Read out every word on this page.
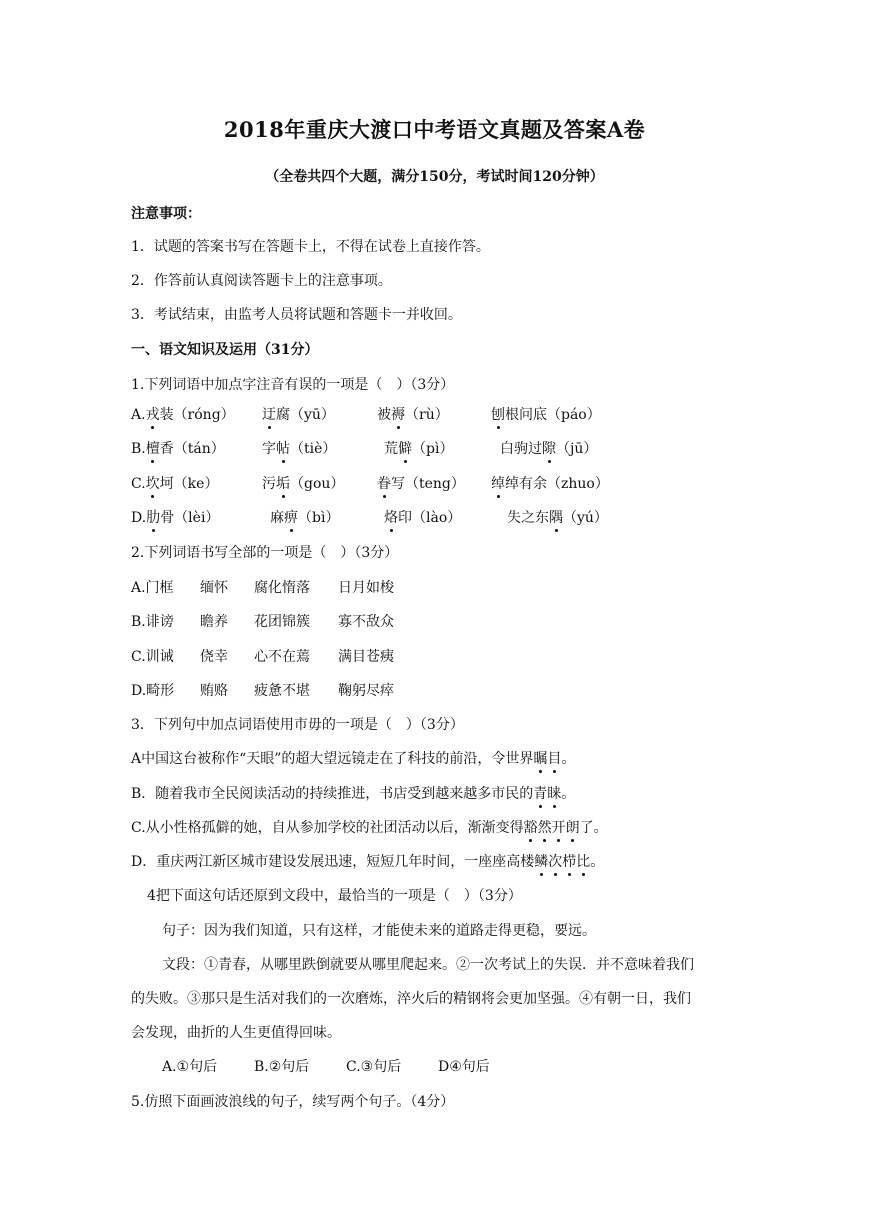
2018年重庆大渡口中考语文真题及答案A卷
（全卷共四个大题，满分150分，考试时间120分钟）
注意事项：
1．试题的答案书写在答题卡上，不得在试卷上直接作答。
2．作答前认真阅读答题卡上的注意事项。
3．考试结束，由监考人员将试题和答题卡一并收回。
一、语文知识及运用（31分）
1.下列词语中加点字注音有误的一项是（　）（3分）
A.戎装（róng） 迂腐（yū）	被褥（rù）	刨根问底（páo）
B.檀香（tán）	字帖（tiè）	荒僻（pì）	白驹过隙（jū）
C.坎坷（ke）	污垢（gou） 眷写（teng） 绰绰有余（zhuo）
D.肋骨（lèi）	麻痹（bì）	烙印（lào）	失之东隅（yú）
2.下列词语书写全部的一项是（　）（3分）
A.门框 缅怀 腐化惰落 日月如梭
B.诽谤 瞻养 花团锦簇 寡不敌众
C.训诫 侥幸 心不在蔫 满目苍痍
D.畸形 贿赂 疲惫不堪 鞠躬尽瘁
3．下列句中加点词语使用市毋的一项是（　）（3分）
A中国这台被称作“天眼”的超大望远镜走在了科技的前沿，令世界瞩目。
B．随着我市全民阅读活动的持续推进，书店受到越来越多市民的青睐。
C.从小性格孤僻的她，自从参加学校的社团活动以后，渐渐变得豁然开朗了。
D．重庆两江新区城市建设发展迅速，短短几年时间，一座座高楼鳞次栉比。
4把下面这句话还原到文段中，最恰当的一项是（　）（3分）
句子：因为我们知道，只有这样，才能使未来的道路走得更稳，要远。
文段：①青春，从哪里跌倒就要从哪里爬起来。②一次考试上的失误．并不意味着我们
的失败。③那只是生活对我们的一次磨炼，淬火后的精钢将会更加坚强。④有朝一日，我们
会发现，曲折的人生更值得回味。
A.①句后	B.②句后	C.③句后	D④句后
5.仿照下面画波浪线的句子，续写两个句子。（4分）
